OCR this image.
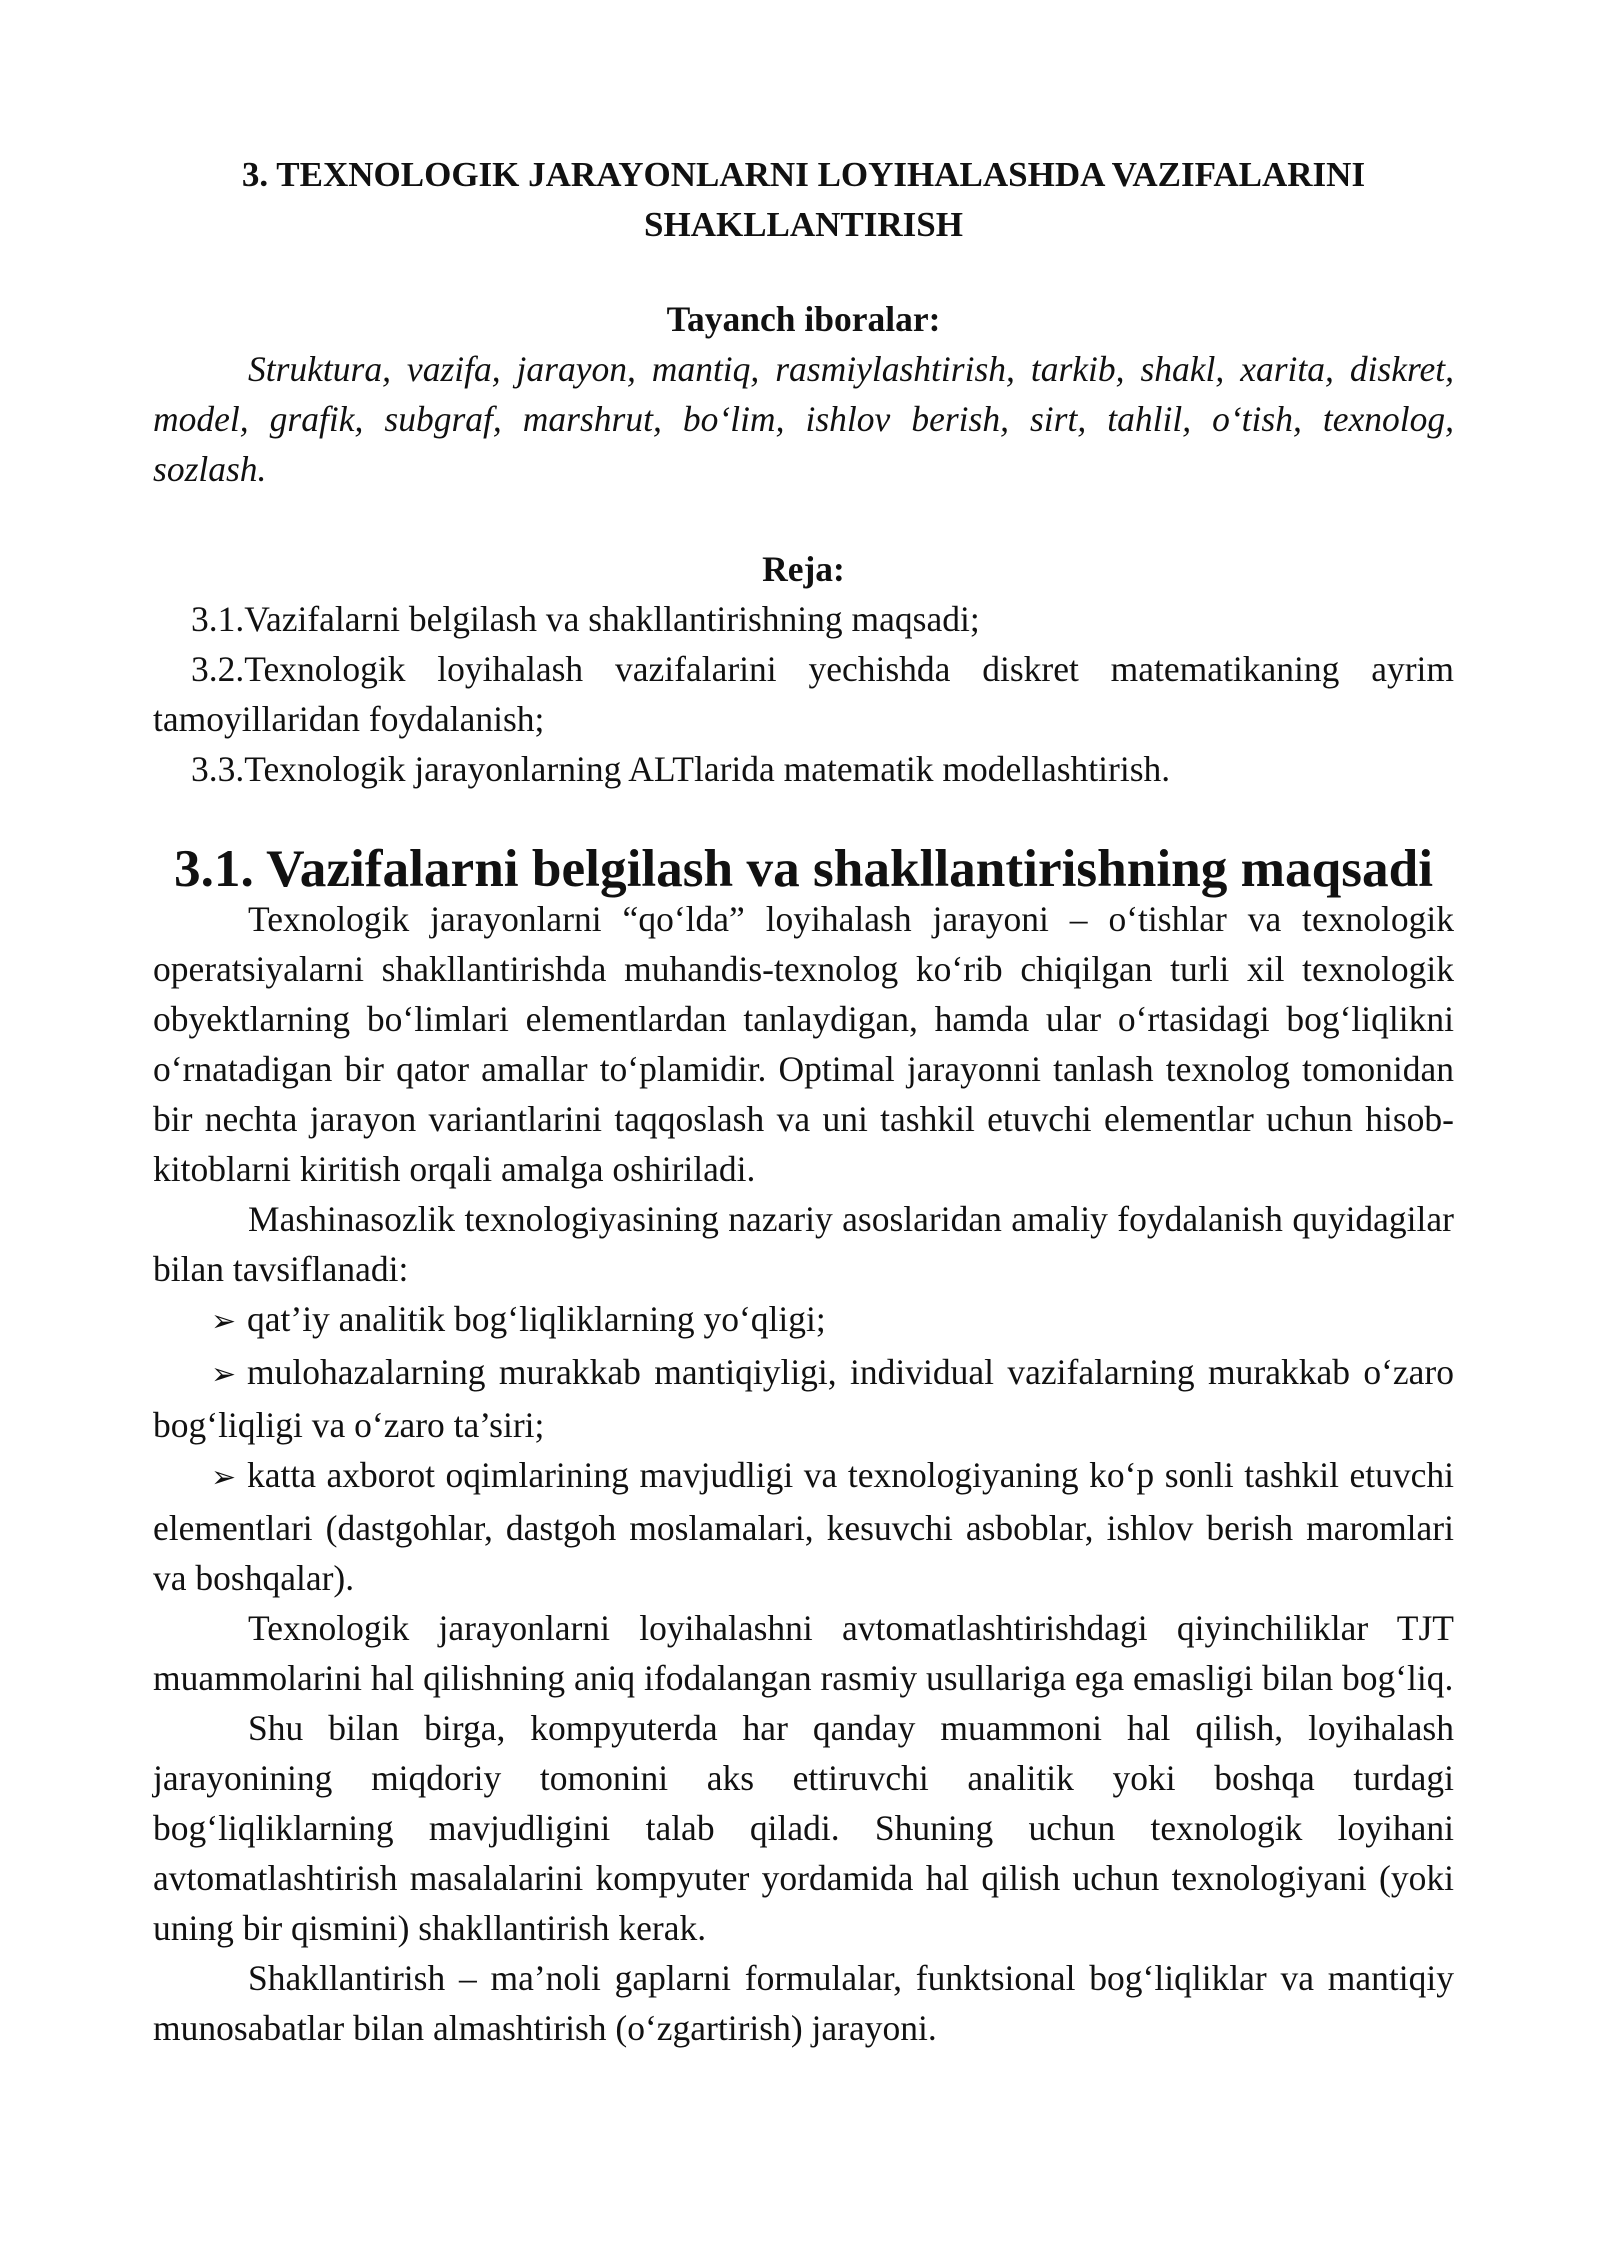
3. TEXNOLOGIK JARAYONLARNI LOYIHALASHDA VAZIFALARINI
SHAKLLANTIRISH

Tayanch iboralar:

Struktura, vazifa, jarayon, mantiq, rasmiylashtirish, tarkib, shakl, xarita, diskret, model, grafik, subgraf, marshrut, bo‘lim, ishlov berish, sirt, tahlil, o‘tish, texnolog, sozlash.

Reja:

3.1.Vazifalarni belgilash va shakllantirishning maqsadi;
3.2.Texnologik loyihalash vazifalarini yechishda diskret matematikaning ayrim tamoyillaridan foydalanish;
3.3.Texnologik jarayonlarning ALTlarida matematik modellashtirish.
3.1. Vazifalarni belgilash va shakllantirishning maqsadi

Texnologik jarayonlarni “qo‘lda” loyihalash jarayoni – o‘tishlar va texnologik operatsiyalarni shakllantirishda muhandis-texnolog ko‘rib chiqilgan turli xil texnologik obyektlarning bo‘limlari elementlardan tanlaydigan, hamda ular o‘rtasidagi bog‘liqlikni o‘rnatadigan bir qator amallar to‘plamidir. Optimal jarayonni tanlash texnolog tomonidan bir nechta jarayon variantlarini taqqoslash va uni tashkil etuvchi elementlar uchun hisob-kitoblarni kiritish orqali amalga oshiriladi.

Mashinasozlik texnologiyasining nazariy asoslaridan amaliy foydalanish quyidagilar bilan tavsiflanadi:

➢ qat’iy analitik bog‘liqliklarning yo‘qligi;
➢ mulohazalarning murakkab mantiqiyligi, individual vazifalarning murakkab o‘zaro bog‘liqligi va o‘zaro ta’siri;
➢ katta axborot oqimlarining mavjudligi va texnologiyaning ko‘p sonli tashkil etuvchi elementlari (dastgohlar, dastgoh moslamalari, kesuvchi asboblar, ishlov berish maromlari va boshqalar).

Texnologik jarayonlarni loyihalashni avtomatlashtirishdagi qiyinchiliklar TJT muammolarini hal qilishning aniq ifodalangan rasmiy usullariga ega emasligi bilan bog‘liq.

Shu bilan birga, kompyuterda har qanday muammoni hal qilish, loyihalash jarayonining miqdoriy tomonini aks ettiruvchi analitik yoki boshqa turdagi bog‘liqliklarning mavjudligini talab qiladi. Shuning uchun texnologik loyihani avtomatlashtirish masalalarini kompyuter yordamida hal qilish uchun texnologiyani (yoki uning bir qismini) shakllantirish kerak.

Shakllantirish – ma’noli gaplarni formulalar, funktsional bog‘liqliklar va mantiqiy munosabatlar bilan almashtirish (o‘zgartirish) jarayoni.
